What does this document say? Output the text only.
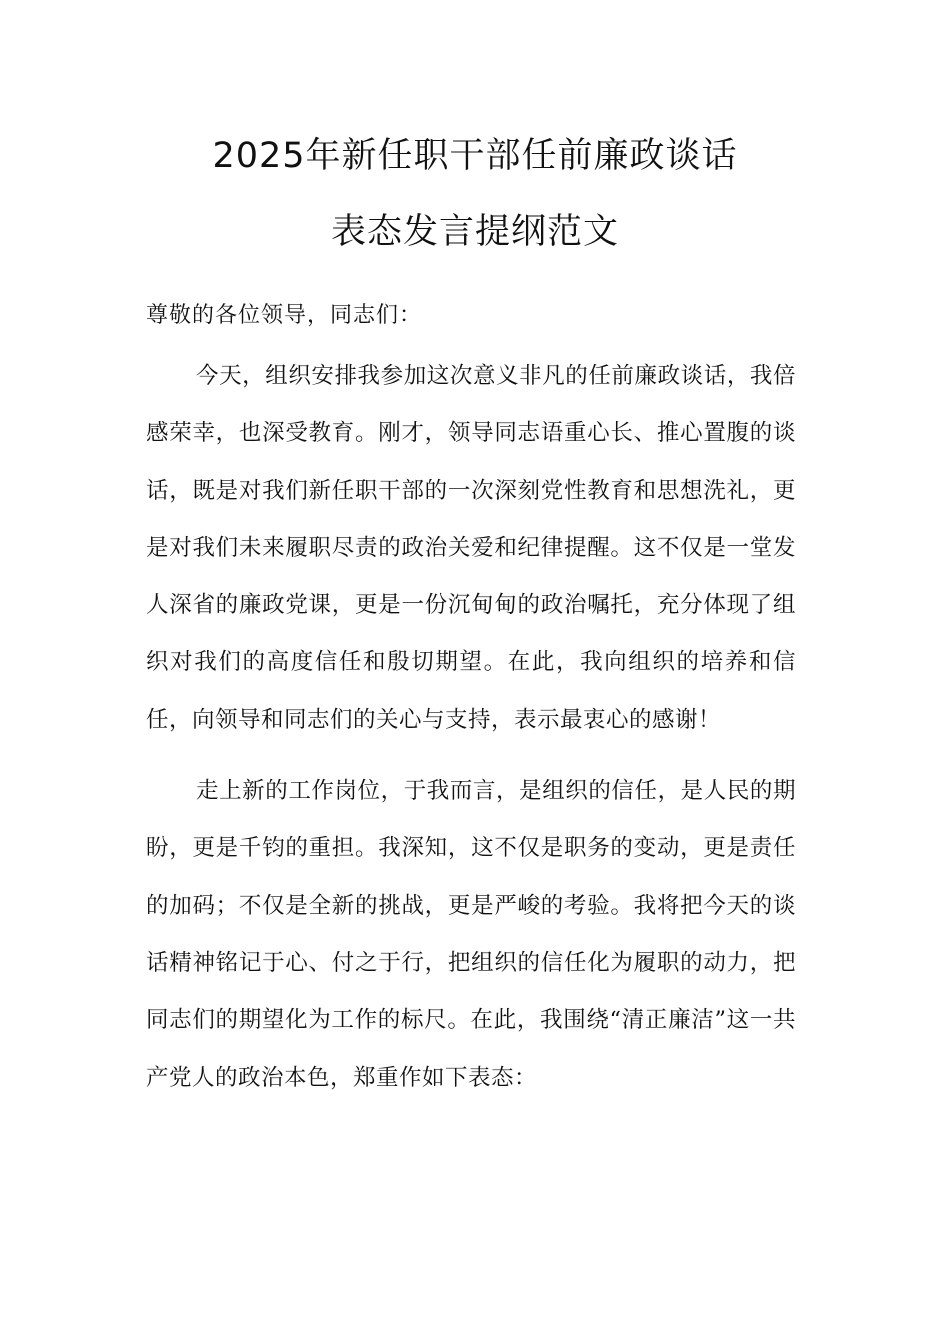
2025年新任职干部任前廉政谈话
表态发言提纲范文

尊敬的各位领导，同志们：

今天，组织安排我参加这次意义非凡的任前廉政谈话，我倍感荣幸，也深受教育。刚才，领导同志语重心长、推心置腹的谈话，既是对我们新任职干部的一次深刻党性教育和思想洗礼，更是对我们未来履职尽责的政治关爱和纪律提醒。这不仅是一堂发人深省的廉政党课，更是一份沉甸甸的政治嘱托，充分体现了组织对我们的高度信任和殷切期望。在此，我向组织的培养和信任，向领导和同志们的关心与支持，表示最衷心的感谢！

走上新的工作岗位，于我而言，是组织的信任，是人民的期盼，更是千钧的重担。我深知，这不仅是职务的变动，更是责任的加码；不仅是全新的挑战，更是严峻的考验。我将把今天的谈话精神铭记于心、付之于行，把组织的信任化为履职的动力，把同志们的期望化为工作的标尺。在此，我围绕“清正廉洁”这一共产党人的政治本色，郑重作如下表态：
